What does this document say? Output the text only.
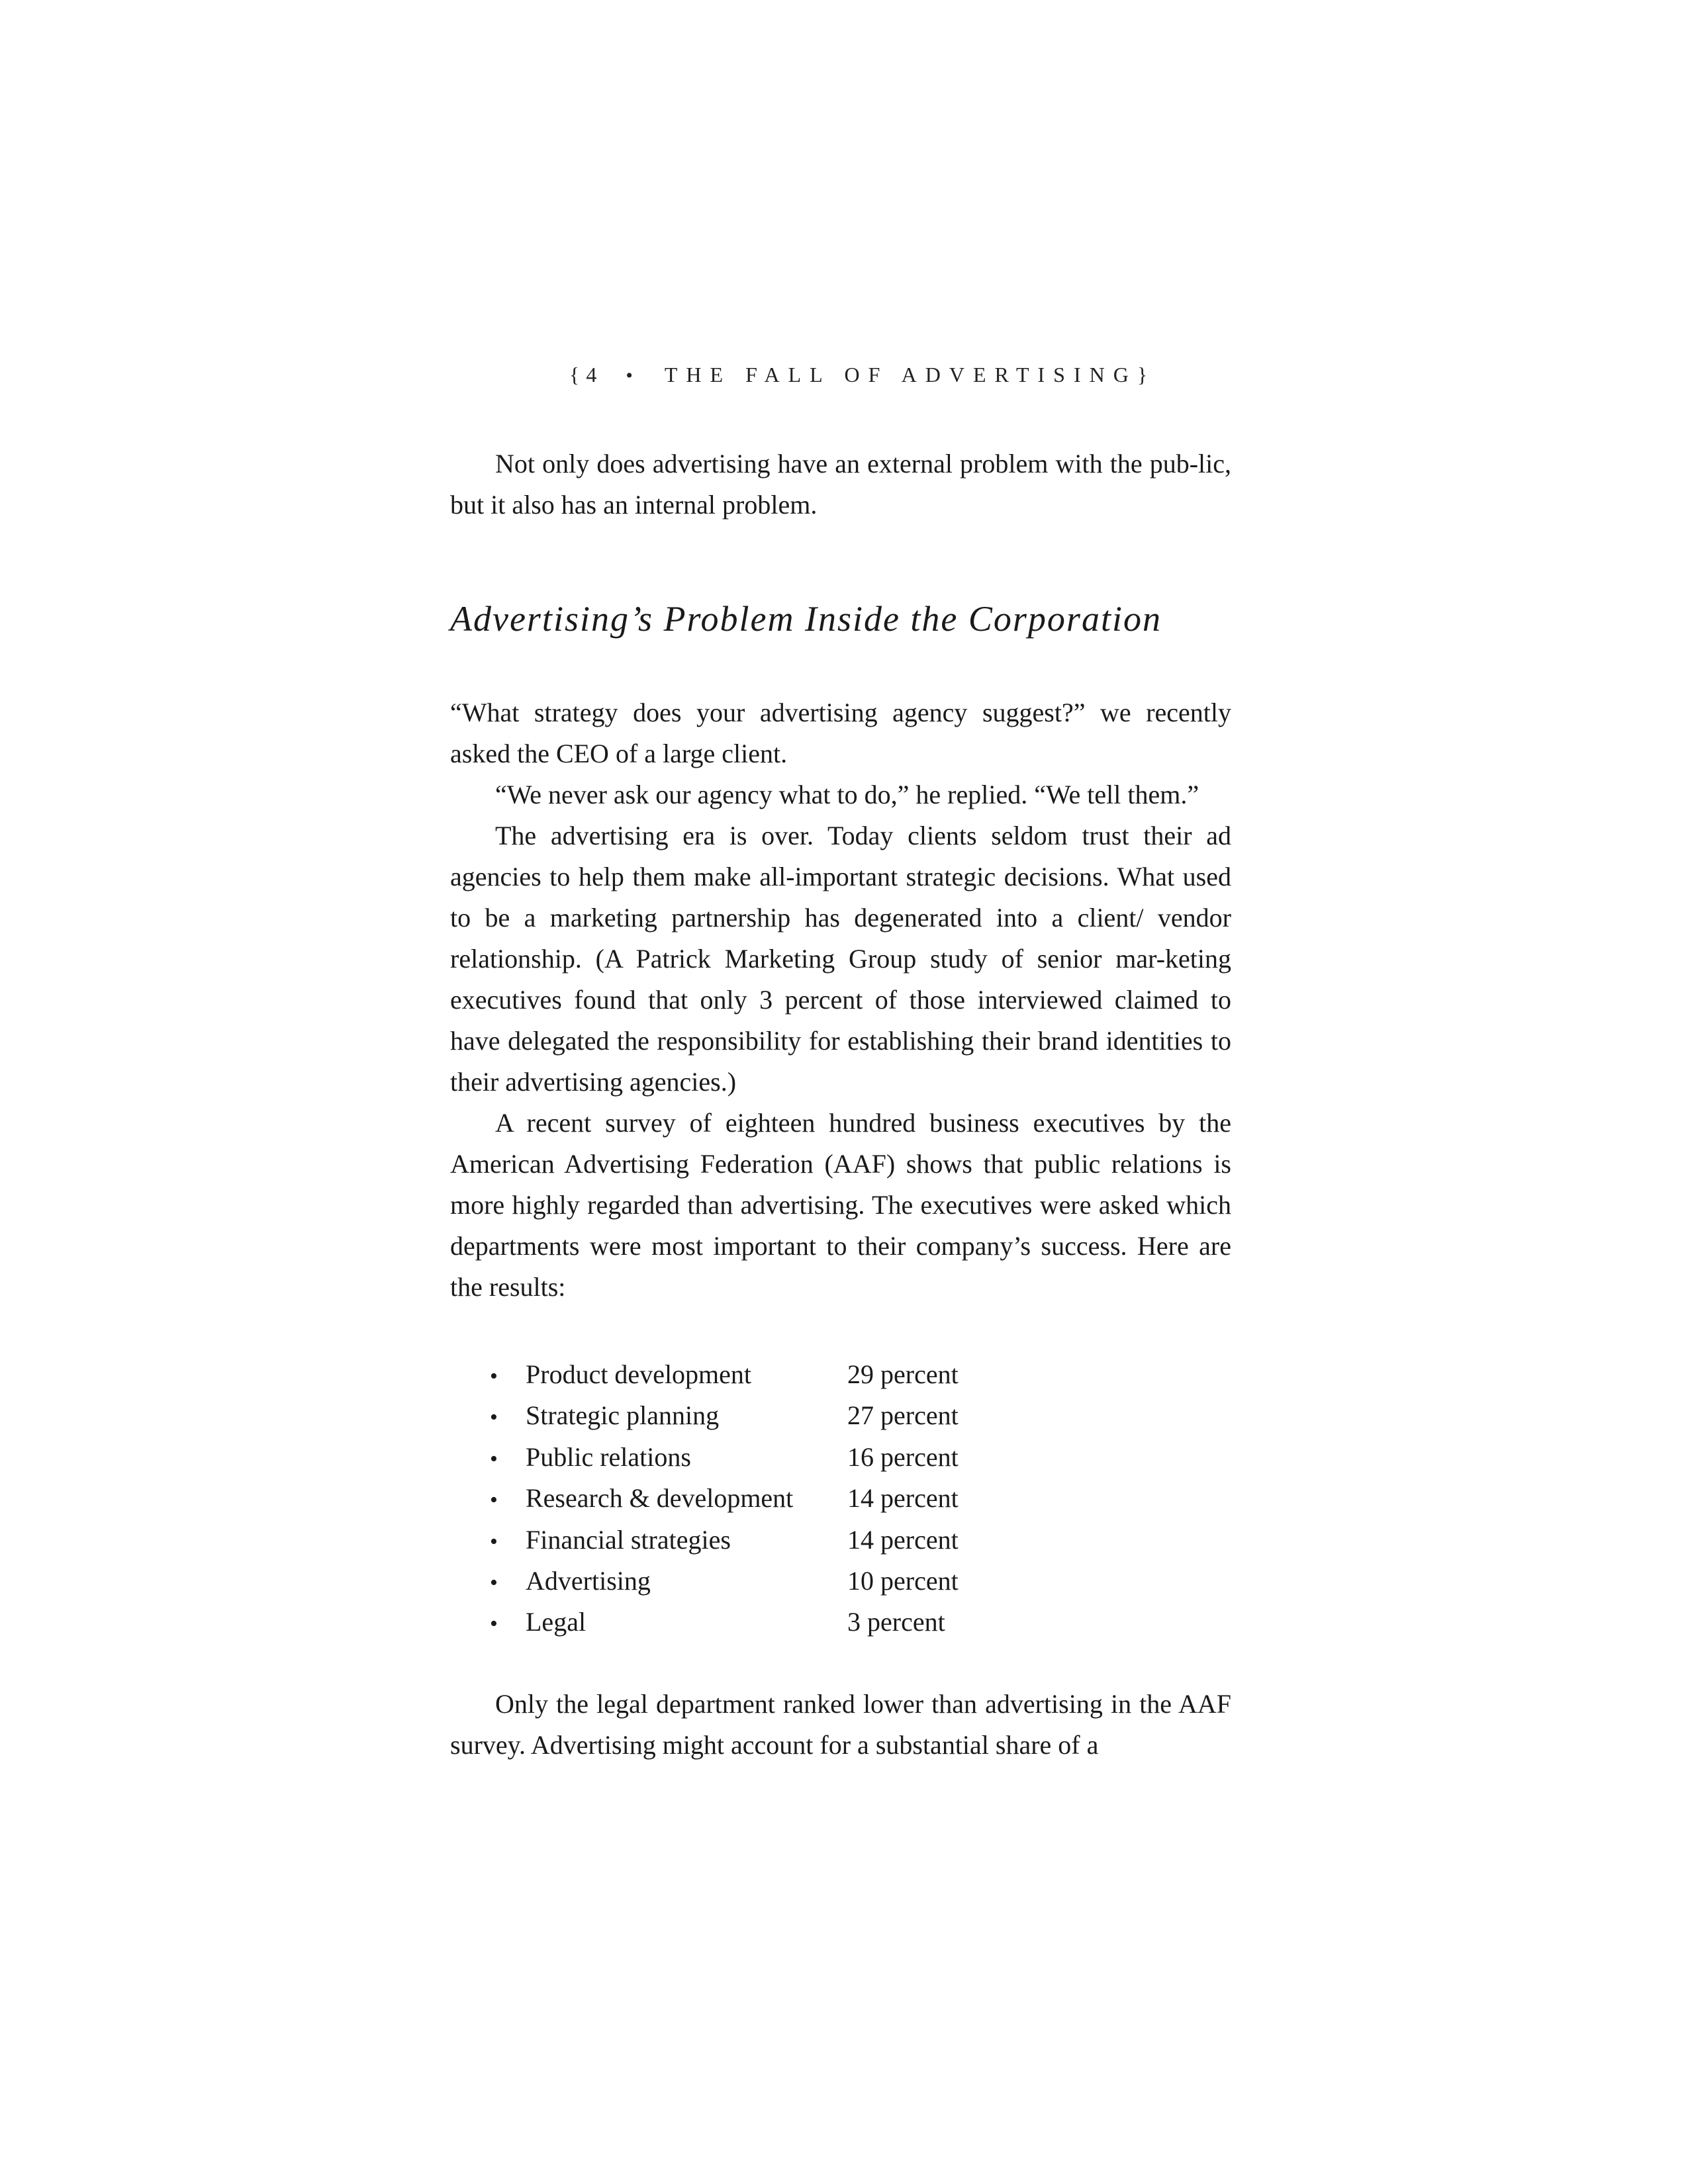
{ 4 • THE FALL OF ADVERTISING}

Not only does advertising have an external problem with the pub-lic, but it also has an internal problem.

Advertising’s Problem Inside the Corporation

“What strategy does your advertising agency suggest?” we recently asked the CEO of a large client.

“We never ask our agency what to do,” he replied. “We tell them.”

The advertising era is over. Today clients seldom trust their ad agencies to help them make all-important strategic decisions. What used to be a marketing partnership has degenerated into a client/ vendor relationship. (A Patrick Marketing Group study of senior mar-keting executives found that only 3 percent of those interviewed claimed to have delegated the responsibility for establishing their brand identities to their advertising agencies.)

A recent survey of eighteen hundred business executives by the American Advertising Federation (AAF) shows that public relations is more highly regarded than advertising. The executives were asked which departments were most important to their company’s success. Here are the results:

•	Product development	29 percent
•	Strategic planning	27 percent
•	Public relations	16 percent
•	Research & development	14 percent
•	Financial strategies	14 percent
•	Advertising	10 percent
•	Legal	3 percent

Only the legal department ranked lower than advertising in the AAF survey. Advertising might account for a substantial share of a
